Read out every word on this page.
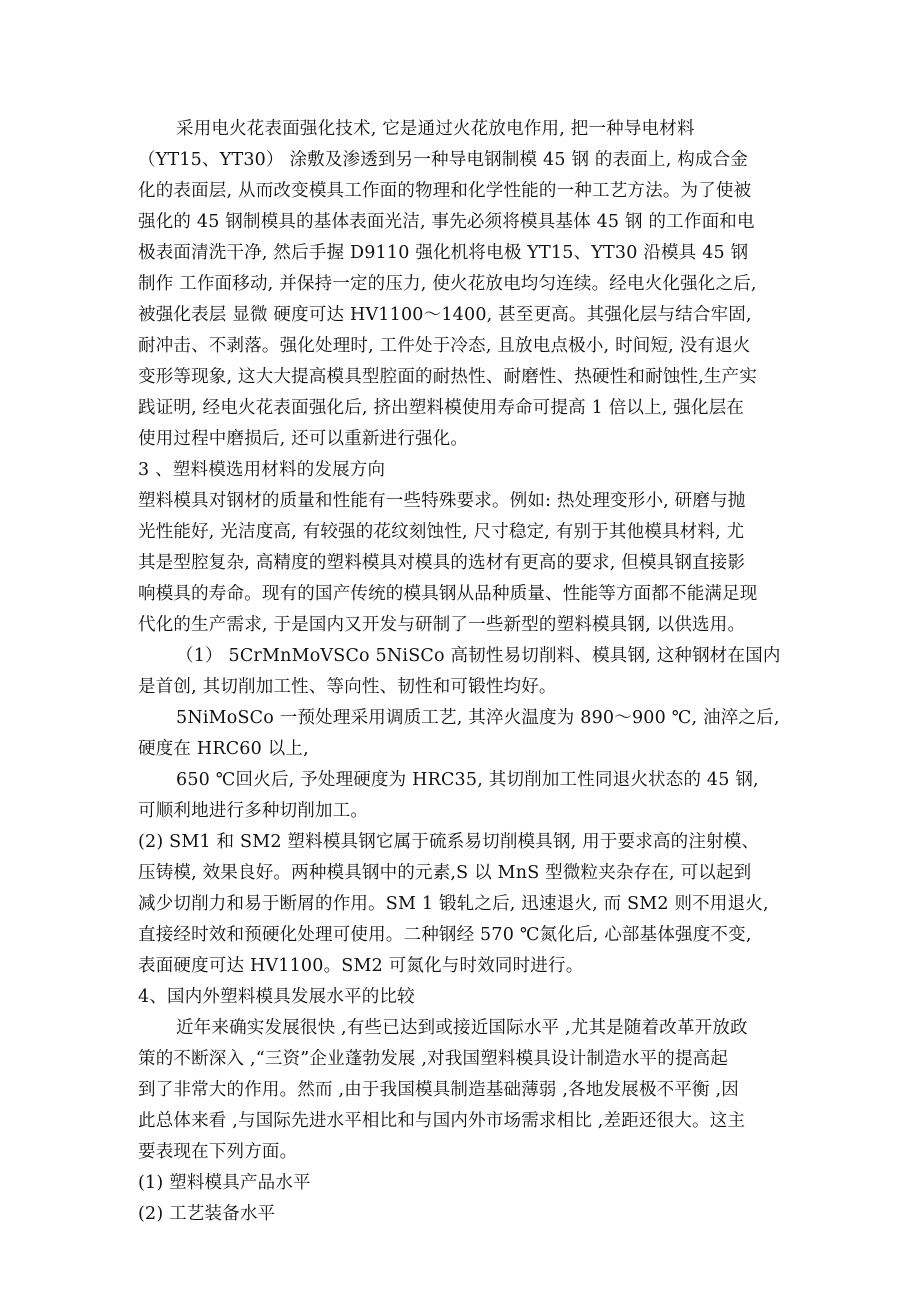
采用电火花表面强化技术, 它是通过火花放电作用, 把一种导电材料
（YT15、YT30） 涂敷及渗透到另一种导电钢制模 45 钢 的表面上, 构成合金
化的表面层, 从而改变模具工作面的物理和化学性能的一种工艺方法。为了使被
强化的 45 钢制模具的基体表面光洁, 事先必须将模具基体 45 钢 的工作面和电
极表面清洗干净, 然后手握 D9110 强化机将电极 YT15、YT30 沿模具 45 钢
制作 工作面移动, 并保持一定的压力, 使火花放电均匀连续。经电火化强化之后,
被强化表层 显微 硬度可达 HV1100～1400, 甚至更高。其强化层与结合牢固,
耐冲击、不剥落。强化处理时, 工件处于冷态, 且放电点极小, 时间短, 没有退火
变形等现象, 这大大提高模具型腔面的耐热性、耐磨性、热硬性和耐蚀性,生产实
践证明, 经电火花表面强化后, 挤出塑料模使用寿命可提高 1 倍以上, 强化层在
使用过程中磨损后, 还可以重新进行强化。
3 、塑料模选用材料的发展方向
塑料模具对钢材的质量和性能有一些特殊要求。例如: 热处理变形小, 研磨与抛
光性能好, 光洁度高, 有较强的花纹刻蚀性, 尺寸稳定, 有别于其他模具材料, 尤
其是型腔复杂, 高精度的塑料模具对模具的选材有更高的要求, 但模具钢直接影
响模具的寿命。现有的国产传统的模具钢从品种质量、性能等方面都不能满足现
代化的生产需求, 于是国内又开发与研制了一些新型的塑料模具钢, 以供选用。
（1） 5CrMnMoVSCo 5NiSCo 高韧性易切削料、模具钢, 这种钢材在国内
是首创, 其切削加工性、等向性、韧性和可锻性均好。
5NiMoSCo 一预处理采用调质工艺, 其淬火温度为 890～900 ℃, 油淬之后,
硬度在 HRC60 以上,
650 ℃回火后, 予处理硬度为 HRC35, 其切削加工性同退火状态的 45 钢,
可顺利地进行多种切削加工。
(2) SM1 和 SM2 塑料模具钢它属于硫系易切削模具钢, 用于要求高的注射模、
压铸模, 效果良好。两种模具钢中的元素,S 以 MnS 型微粒夹杂存在, 可以起到
减少切削力和易于断屑的作用。SM 1 锻轧之后, 迅速退火, 而 SM2 则不用退火,
直接经时效和预硬化处理可使用。二种钢经 570 ℃氮化后, 心部基体强度不变,
表面硬度可达 HV1100。SM2 可氮化与时效同时进行。
4、国内外塑料模具发展水平的比较
近年来确实发展很快 ,有些已达到或接近国际水平 ,尤其是随着改革开放政
策的不断深入 ,“三资”企业蓬勃发展 ,对我国塑料模具设计制造水平的提高起
到了非常大的作用。然而 ,由于我国模具制造基础薄弱 ,各地发展极不平衡 ,因
此总体来看 ,与国际先进水平相比和与国内外市场需求相比 ,差距还很大。这主
要表现在下列方面。
(1) 塑料模具产品水平
(2) 工艺装备水平
